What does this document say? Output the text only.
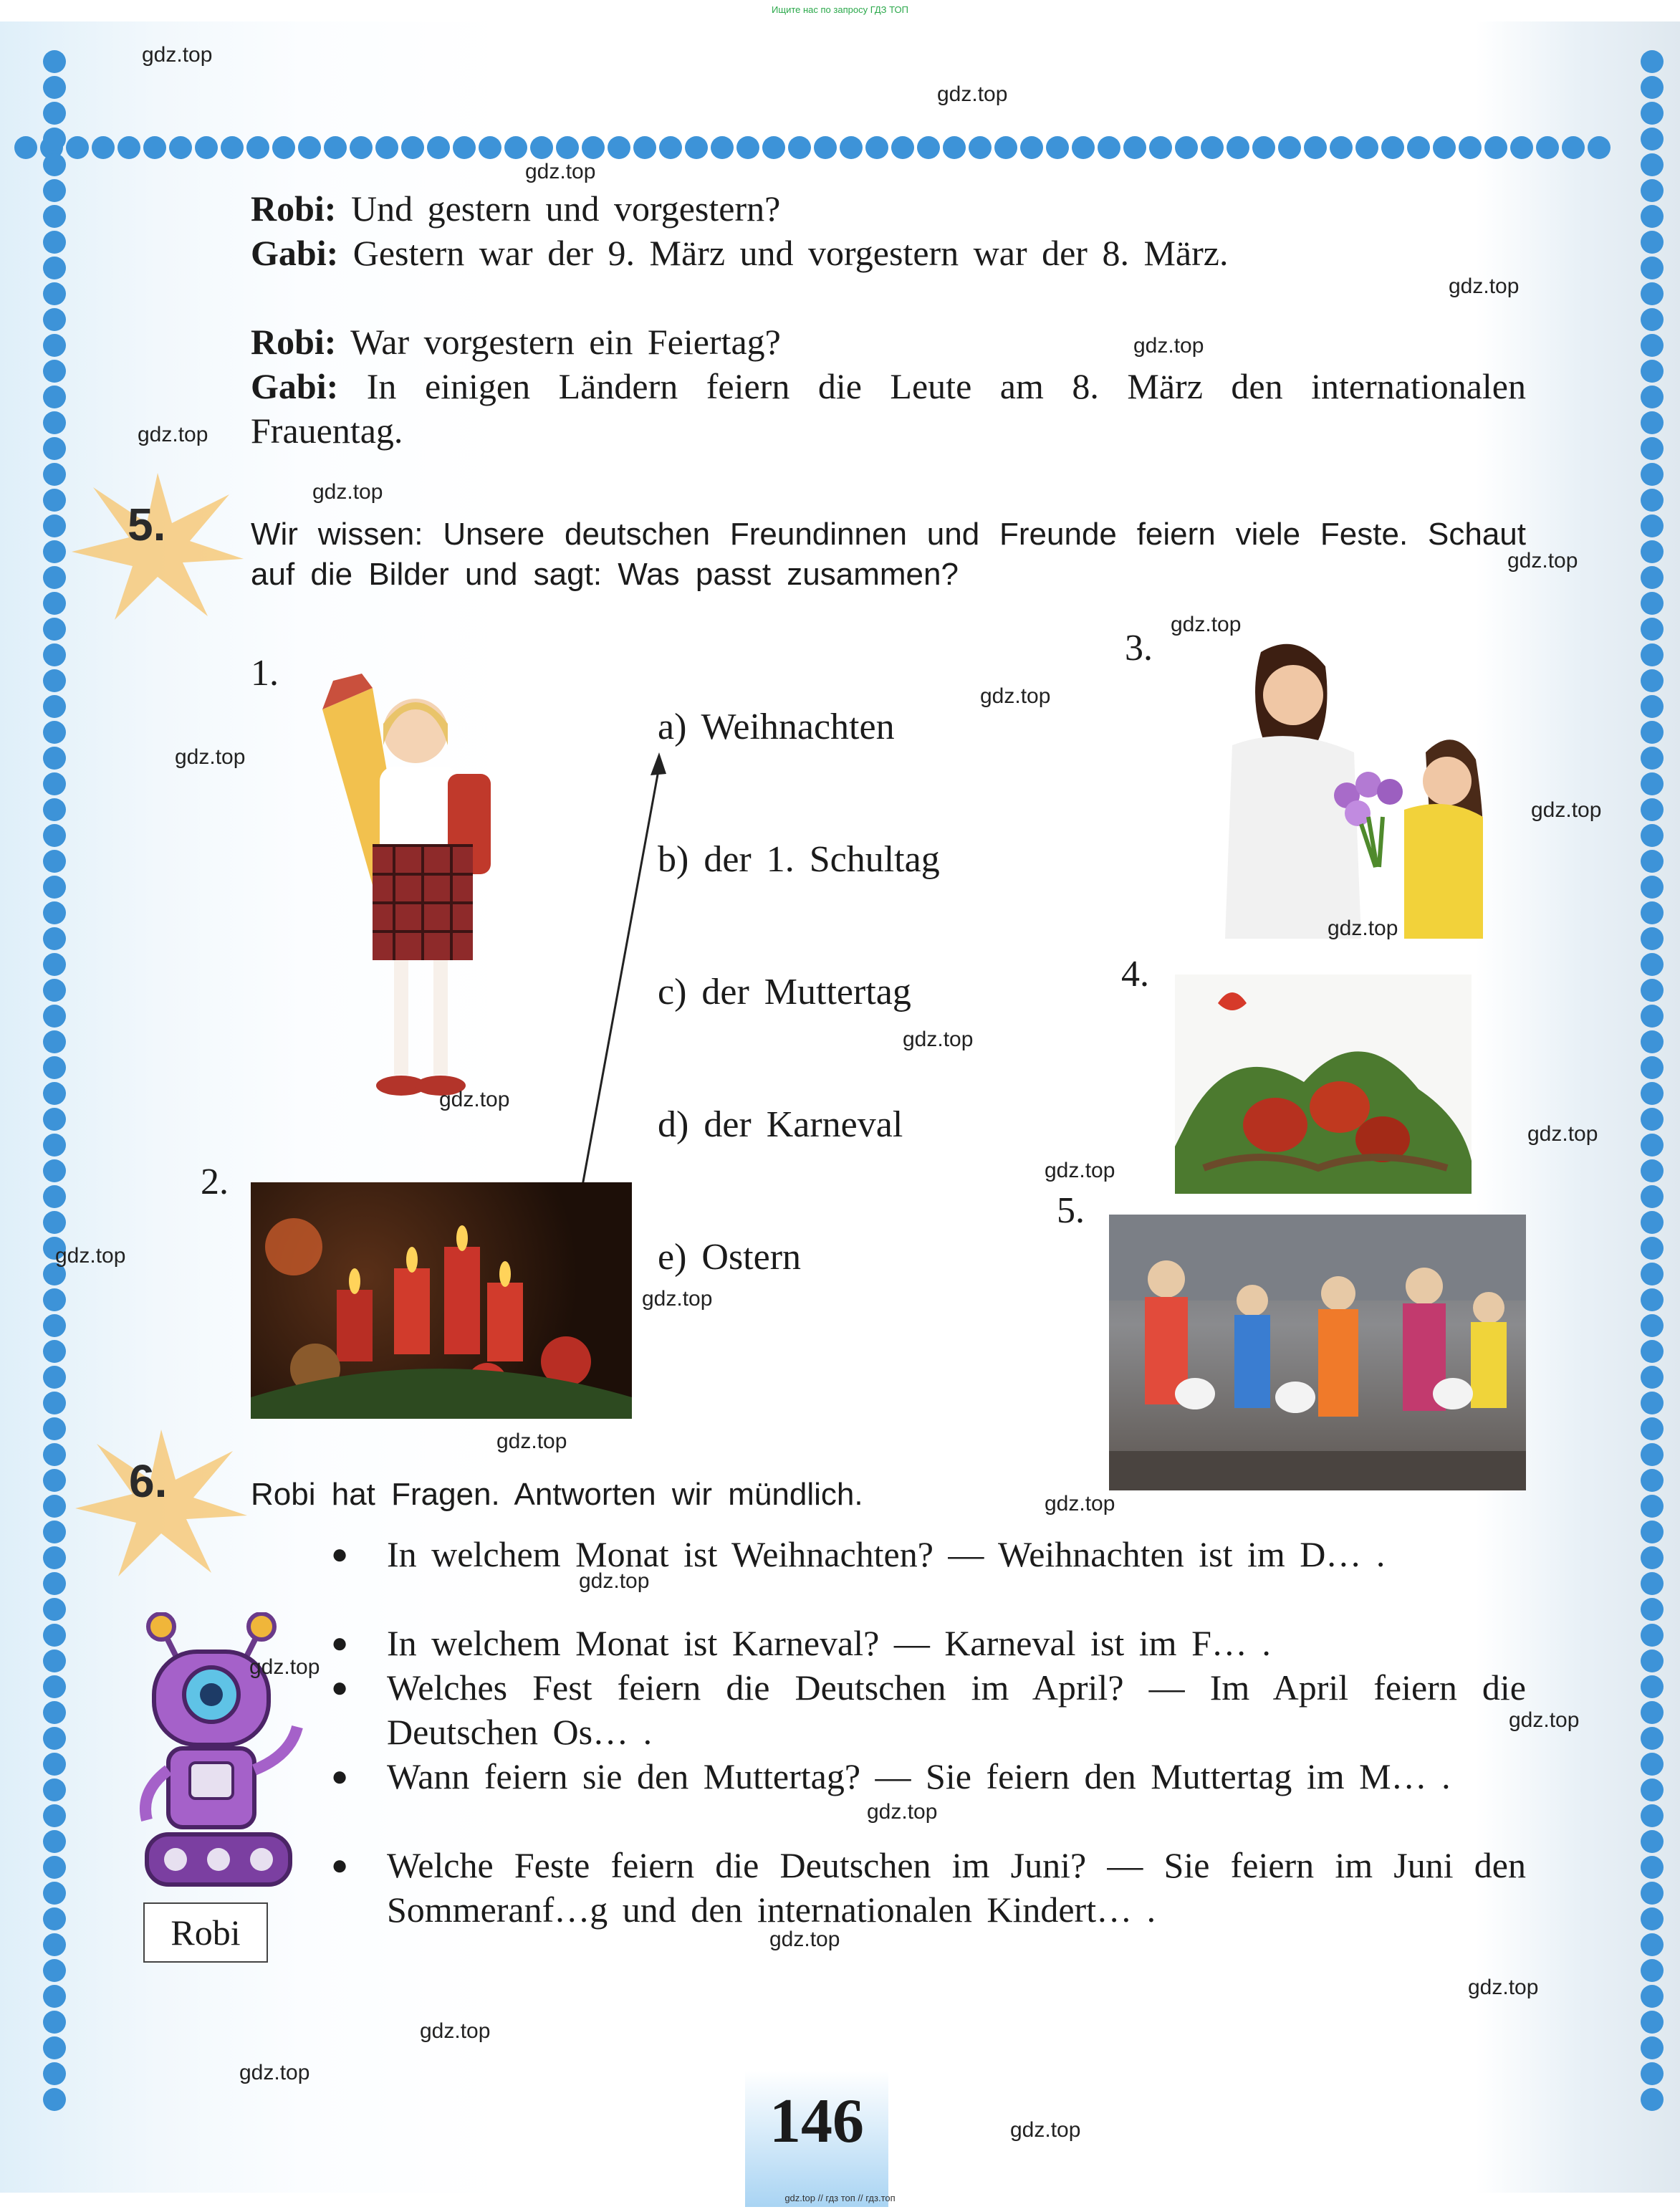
Ищите нас по запросу ГДЗ ТОП
Robi: Und gestern und vorgestern?
Gabi: Gestern war der 9. März und vorgestern war der 8. März.
Robi: War vorgestern ein Feiertag?
Gabi: In einigen Ländern feiern die Leute am 8. März den internationalen Frauentag.
5.	Wir wissen: Unsere deutschen Freundinnen und Freunde feiern viele Feste. Schaut auf die Bilder und sagt: Was passt zusammen?
1.
2.
3.
4.
5.
a) Weihnachten
b) der 1. Schultag
c) der Muttertag
d) der Karneval
e) Ostern
6.	Robi hat Fragen. Antworten wir mündlich.
●	In welchem Monat ist Weihnachten? — Weihnachten ist im D… .
●	In welchem Monat ist Karneval? — Karneval ist im F… .
●	Welches Fest feiern die Deutschen im April? — Im April feiern die Deutschen Os… .
●	Wann feiern sie den Muttertag? — Sie feiern den Muttertag im M… .
●	Welche Feste feiern die Deutschen im Juni? — Sie feiern im Juni den Sommeranf…g und den internationalen Kindert… .
Robi
146
gdz.top
gdz.top
gdz.top
gdz.top
gdz.top
gdz.top
gdz.top
gdz.top
gdz.top
gdz.top
gdz.top
gdz.top
gdz.top
gdz.top
gdz.top
gdz.top
gdz.top
gdz.top
gdz.top
gdz.top
gdz.top
gdz.top
gdz.top
gdz.top
gdz.top
gdz.top
gdz.top
gdz.top
gdz.top
gdz.top
gdz.top // гдз топ // гдз.топ
